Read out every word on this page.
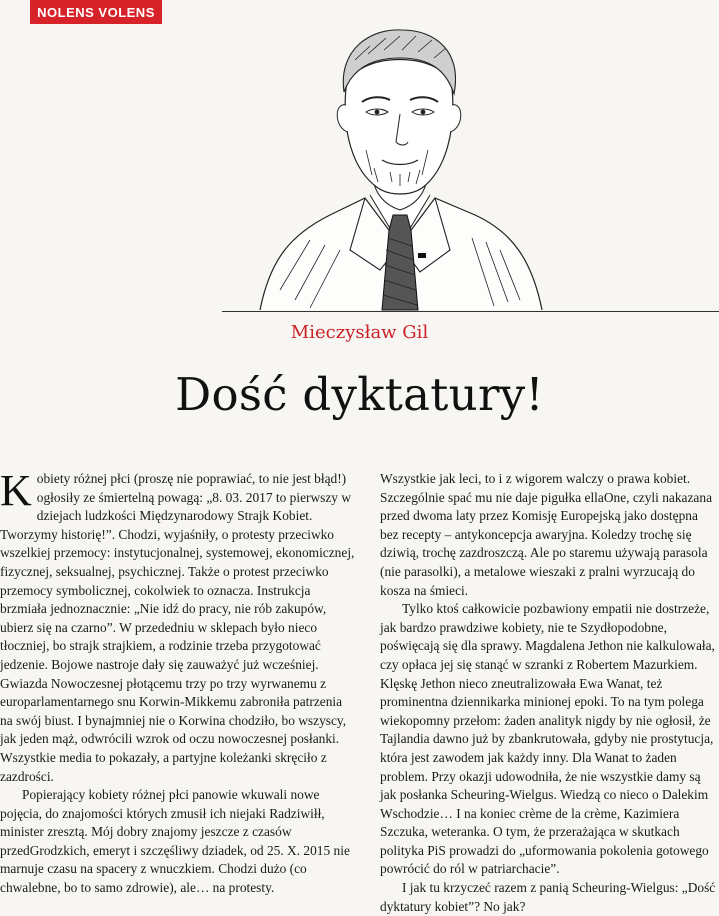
NOLENS VOLENS
Mieczysław Gil
Dość dyktatury!

Kobiety różnej płci (proszę nie poprawiać, to nie jest błąd!) ogłosiły ze śmiertelną powagą: „8. 03. 2017 to pierwszy w dziejach ludzkości Międzynarodowy Strajk Kobiet. Tworzymy historię!”. Chodzi, wyjaśniły, o protesty przeciwko wszelkiej przemocy: instytucjonalnej, systemowej, ekonomicznej, fizycznej, seksualnej, psychicznej. Także o protest przeciwko przemocy symbolicznej, cokolwiek to oznacza. Instrukcja brzmiała jednoznacznie: „Nie idź do pracy, nie rób zakupów, ubierz się na czarno”. W przededniu w sklepach było nieco tłoczniej, bo strajk strajkiem, a rodzinie trzeba przygotować jedzenie. Bojowe nastroje dały się zauważyć już wcześniej. Gwiazda Nowoczesnej płotącemu trzy po trzy wyrwanemu z europarlamentarnego snu Korwin-Mikkemu zabroniła patrzenia na swój biust. I bynajmniej nie o Korwina chodziło, bo wszyscy, jak jeden mąż, odwrócili wzrok od oczu nowoczesnej posłanki. Wszystkie media to pokazały, a partyjne koleżanki skręciło z zazdrości.

Popierający kobiety różnej płci panowie wkuwali nowe pojęcia, do znajomości których zmusił ich niejaki Radziwiłł, minister zresztą. Mój dobry znajomy jeszcze z czasów przedGrodzkich, emeryt i szczęśliwy dziadek, od 25. X. 2015 nie marnuje czasu na spacery z wnuczkiem. Chodzi dużo (co chwalebne, bo to samo zdrowie), ale… na protesty.

Wszystkie jak leci, to i z wigorem walczy o prawa kobiet. Szczególnie spać mu nie daje pigułka ellaOne, czyli nakazana przed dwoma laty przez Komisję Europejską jako dostępna bez recepty – antykoncepcja awaryjna. Koledzy trochę się dziwią, trochę zazdroszczą. Ale po staremu używają parasola (nie parasolki), a metalowe wieszaki z pralni wyrzucają do kosza na śmieci.

Tylko ktoś całkowicie pozbawiony empatii nie dostrzeże, jak bardzo prawdziwe kobiety, nie te Szydłopodobne, poświęcają się dla sprawy. Magdalena Jethon nie kalkulowała, czy opłaca jej się stanąć w szranki z Robertem Mazurkiem. Klęskę Jethon nieco zneutralizowała Ewa Wanat, też prominentna dziennikarka minionej epoki. To na tym polega wiekopomny przełom: żaden analityk nigdy by nie ogłosił, że Tajlandia dawno już by zbankrutowała, gdyby nie prostytucja, która jest zawodem jak każdy inny. Dla Wanat to żaden problem. Przy okazji udowodniła, że nie wszystkie damy są jak posłanka Scheuring-Wielgus. Wiedzą co nieco o Dalekim Wschodzie… I na koniec crème de la crème, Kazimiera Szczuka, weteranka. O tym, że przerażająca w skutkach polityka PiS prowadzi do „uformowania pokolenia gotowego powrócić do ról w patriarchacie”.

I jak tu krzyczeć razem z panią Scheuring-Wielgus: „Dość dyktatury kobiet”? No jak?
